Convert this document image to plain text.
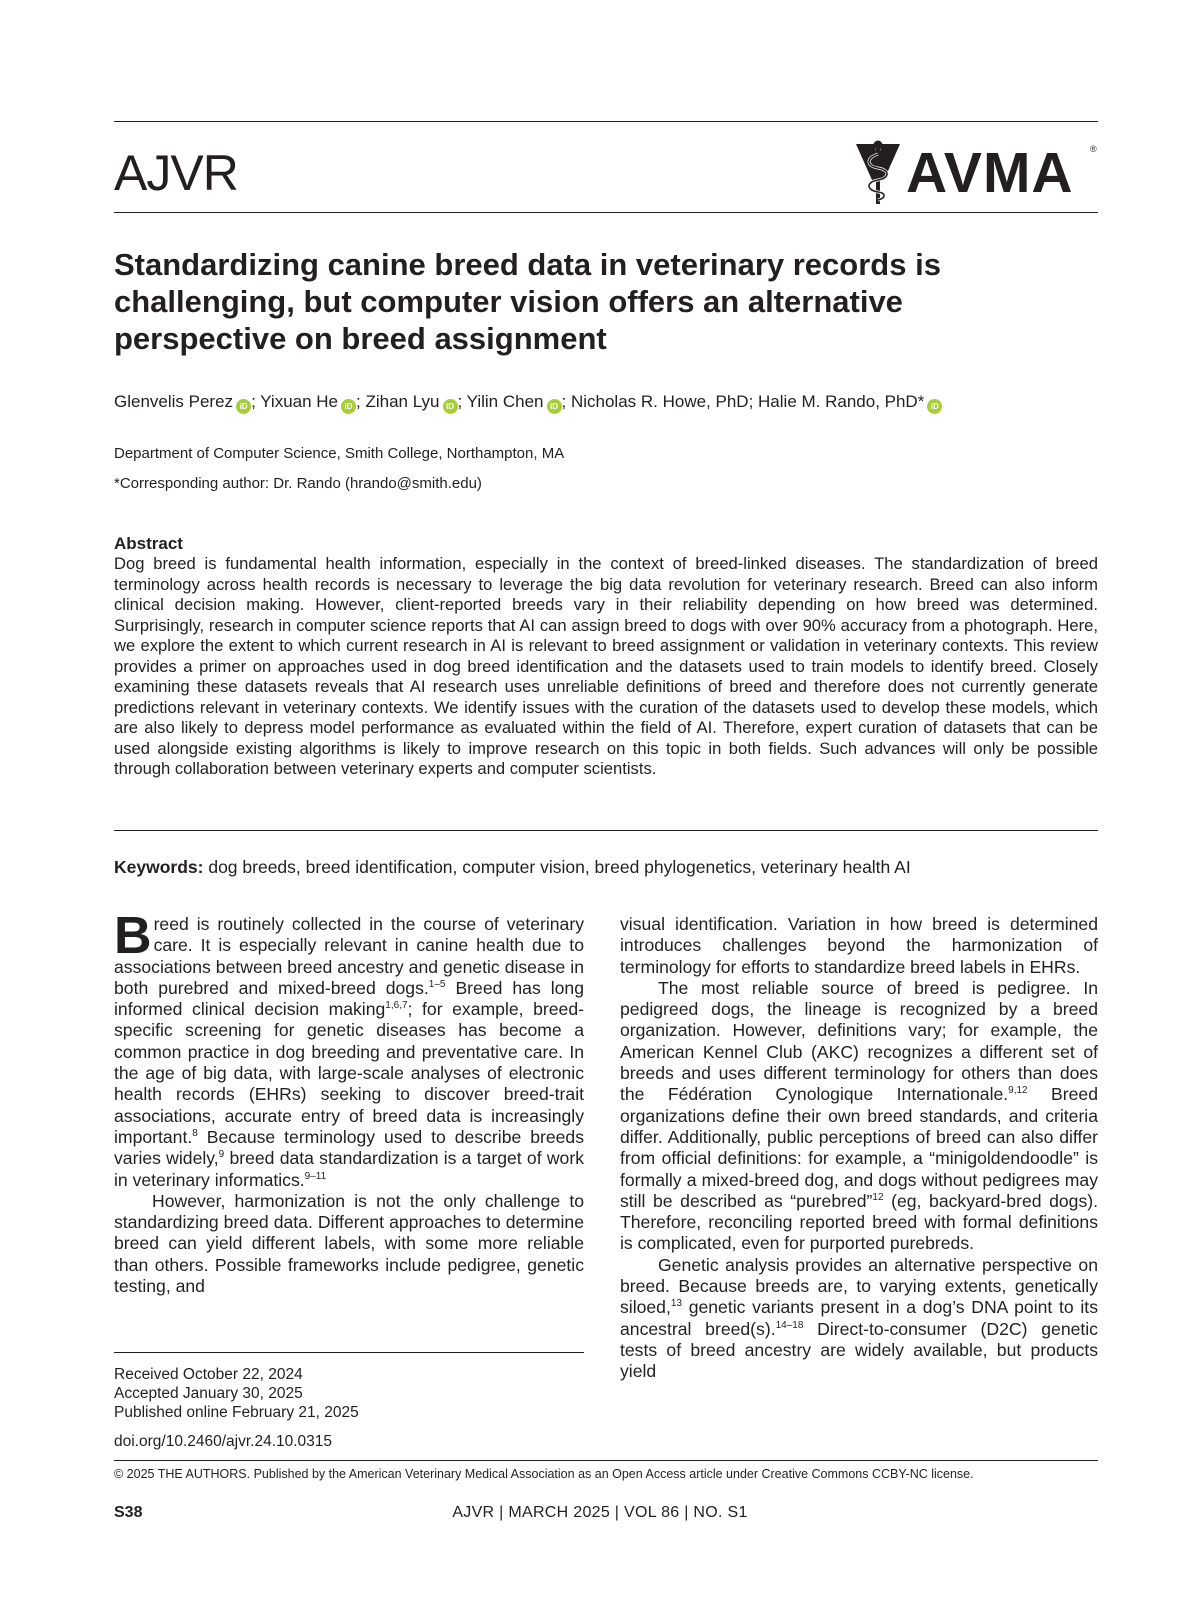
AJVR	AVMA ®
Standardizing canine breed data in veterinary records is challenging, but computer vision offers an alternative perspective on breed assignment
Glenvelis Perez iD ; Yixuan He iD ; Zihan Lyu iD ; Yilin Chen iD ; Nicholas R. Howe, PhD; Halie M. Rando, PhD* iD
Department of Computer Science, Smith College, Northampton, MA
*Corresponding author: Dr. Rando (hrando@smith.edu)
Abstract
Dog breed is fundamental health information, especially in the context of breed-linked diseases. The standardization of breed terminology across health records is necessary to leverage the big data revolution for veterinary research. Breed can also inform clinical decision making. However, client-reported breeds vary in their reliability depending on how breed was determined. Surprisingly, research in computer science reports that AI can assign breed to dogs with over 90% accuracy from a photograph. Here, we explore the extent to which current research in AI is relevant to breed assignment or validation in veterinary contexts. This review provides a primer on approaches used in dog breed identification and the datasets used to train models to identify breed. Closely examining these datasets reveals that AI research uses unreliable definitions of breed and therefore does not currently generate predictions relevant in veterinary contexts. We identify issues with the curation of the datasets used to develop these models, which are also likely to depress model performance as evaluated within the field of AI. Therefore, expert curation of datasets that can be used alongside existing algorithms is likely to improve research on this topic in both fields. Such advances will only be possible through collaboration between veterinary experts and computer scientists.
Keywords: dog breeds, breed identification, computer vision, breed phylogenetics, veterinary health AI

Breed is routinely collected in the course of veterinary care. It is especially relevant in canine health due to associations between breed ancestry and genetic disease in both purebred and mixed-breed dogs.$^{1-5}$ Breed has long informed clinical decision making$^{1,6,7}$; for example, breed-specific screening for genetic diseases has become a common practice in dog breeding and preventative care. In the age of big data, with large-scale analyses of electronic health records (EHRs) seeking to discover breed-trait associations, accurate entry of breed data is increasingly important.$^8$ Because terminology used to describe breeds varies widely,$^9$ breed data standardization is a target of work in veterinary informatics.$^{9-11}$

However, harmonization is not the only challenge to standardizing breed data. Different approaches to determine breed can yield different labels, with some more reliable than others. Possible frameworks include pedigree, genetic testing, and

visual identification. Variation in how breed is determined introduces challenges beyond the harmonization of terminology for efforts to standardize breed labels in EHRs.

The most reliable source of breed is pedigree. In pedigreed dogs, the lineage is recognized by a breed organization. However, definitions vary; for example, the American Kennel Club (AKC) recognizes a different set of breeds and uses different terminology for others than does the Fédération Cynologique Internationale.$^{9,12}$ Breed organizations define their own breed standards, and criteria differ. Additionally, public perceptions of breed can also differ from official definitions: for example, a “minigoldendoodle” is formally a mixed-breed dog, and dogs without pedigrees may still be described as “purebred”$^{12}$ (eg, backyard-bred dogs). Therefore, reconciling reported breed with formal definitions is complicated, even for purported purebreds.

Genetic analysis provides an alternative perspective on breed. Because breeds are, to varying extents, genetically siloed,$^{13}$ genetic variants present in a dog’s DNA point to its ancestral breed(s).$^{14-18}$ Direct-to-consumer (D2C) genetic tests of breed ancestry are widely available, but products yield

Received October 22, 2024
Accepted January 30, 2025
Published online February 21, 2025
doi.org/10.2460/ajvr.24.10.0315
© 2025 THE AUTHORS. Published by the American Veterinary Medical Association as an Open Access article under Creative Commons CCBY-NC license.
AJVR | MARCH 2025 | VOL 86 | NO. S1
S38
